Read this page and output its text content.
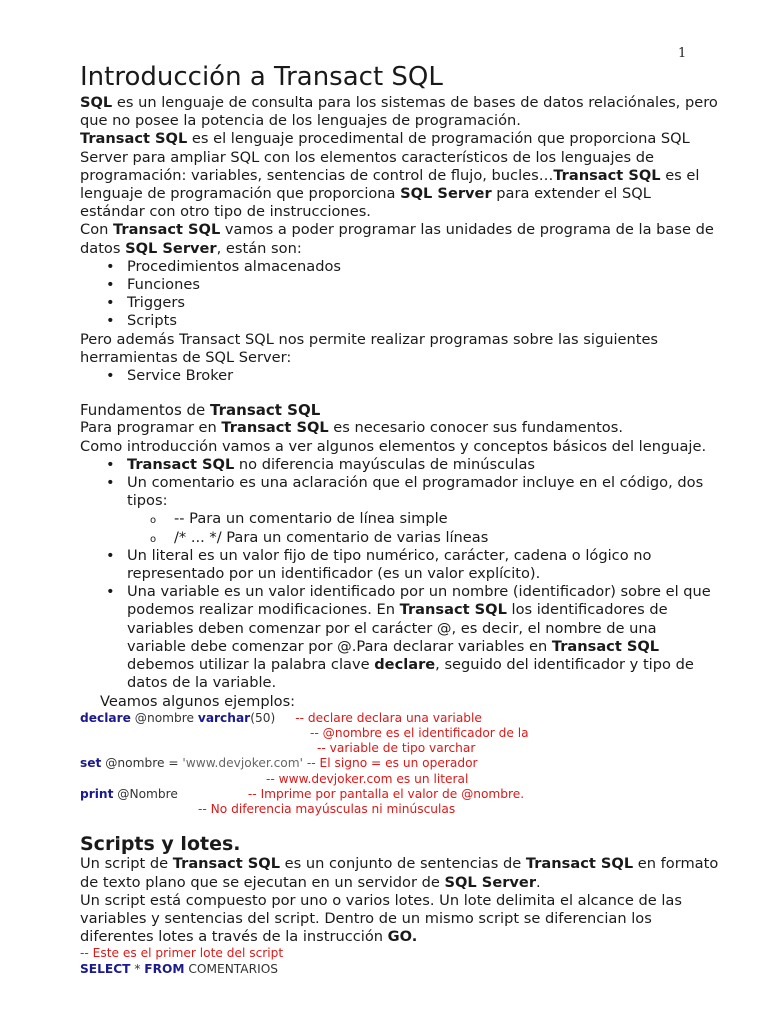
1
Introducción a Transact SQL

SQL es un lenguaje de consulta para los sistemas de bases de datos relaciónales, pero que no posee la potencia de los lenguajes de programación.

Transact SQL es el lenguaje procedimental de programación que proporciona SQL Server para ampliar SQL con los elementos característicos de los lenguajes de programación: variables, sentencias de control de flujo, bucles…Transact SQL es el lenguaje de programación que proporciona SQL Server para extender el SQL estándar con otro tipo de instrucciones.

Con Transact SQL vamos a poder programar las unidades de programa de la base de datos SQL Server, están son:

• Procedimientos almacenados
• Funciones
• Triggers
• Scripts

Pero además Transact SQL nos permite realizar programas sobre las siguientes herramientas de SQL Server:

• Service Broker

Fundamentos de Transact SQL

Para programar en Transact SQL es necesario conocer sus fundamentos.

Como introducción vamos a ver algunos elementos y conceptos básicos del lenguaje.

• Transact SQL no diferencia mayúsculas de minúsculas
• Un comentario es una aclaración que el programador incluye en el código, dos tipos:
o -- Para un comentario de línea simple
o /* ... */ Para un comentario de varias líneas
• Un literal es un valor fijo de tipo numérico, carácter, cadena o lógico no representado por un identificador (es un valor explícito).
• Una variable es un valor identificado por un nombre (identificador) sobre el que podemos realizar modificaciones. En Transact SQL los identificadores de variables deben comenzar por el carácter @, es decir, el nombre de una variable debe comenzar por @.Para declarar variables en Transact SQL debemos utilizar la palabra clave declare, seguido del identificador y tipo de datos de la variable.

Veamos algunos ejemplos:

declare @nombre varchar(50) -- declare declara una variable
-- @nombre es el identificador de la
-- variable de tipo varchar
set @nombre = 'www.devjoker.com' -- El signo = es un operador
-- www.devjoker.com es un literal
print @Nombre	-- Imprime por pantalla el valor de @nombre.
-- No diferencia mayúsculas ni minúsculas
Scripts y lotes.

Un script de Transact SQL es un conjunto de sentencias de Transact SQL en formato de texto plano que se ejecutan en un servidor de SQL Server.

Un script está compuesto por uno o varios lotes. Un lote delimita el alcance de las variables y sentencias del script. Dentro de un mismo script se diferencian los diferentes lotes a través de la instrucción GO.

-- Este es el primer lote del script
SELECT * FROM COMENTARIOS
